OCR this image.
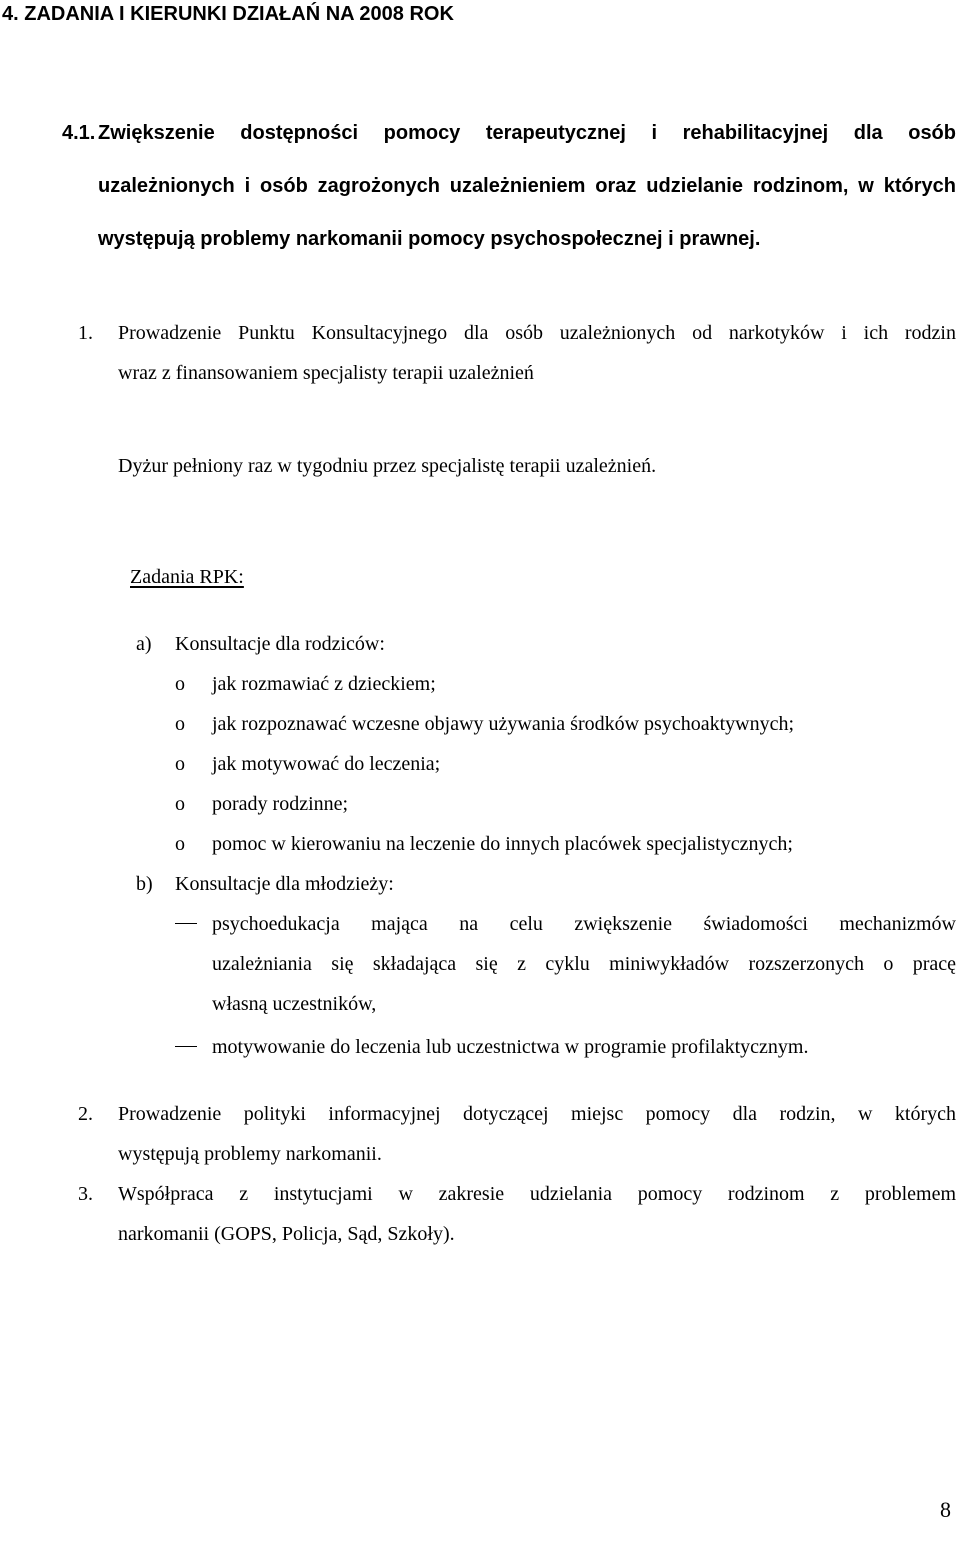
4. ZADANIA I KIERUNKI DZIAŁAŃ NA 2008 ROK
4.1. Zwiększenie dostępności pomocy terapeutycznej i rehabilitacyjnej dla osób
uzależnionych i osób zagrożonych uzależnieniem oraz udzielanie rodzinom, w których
występują problemy narkomanii pomocy psychospołecznej i prawnej.
1. Prowadzenie Punktu Konsultacyjnego dla osób uzależnionych od narkotyków i ich rodzin
wraz z finansowaniem specjalisty terapii uzależnień
Dyżur pełniony raz w tygodniu przez specjalistę terapii uzależnień.
Zadania RPK:
a) Konsultacje dla rodziców:
o jak rozmawiać z dzieckiem;
o jak rozpoznawać wczesne objawy używania środków psychoaktywnych;
o jak motywować do leczenia;
o porady rodzinne;
o pomoc w kierowaniu na leczenie do innych placówek specjalistycznych;
b) Konsultacje dla młodzieży:
psychoedukacja mająca na celu zwiększenie świadomości mechanizmów
uzależniania się składająca się z cyklu miniwykładów rozszerzonych o pracę
własną uczestników,
motywowanie do leczenia lub uczestnictwa w programie profilaktycznym.
2. Prowadzenie polityki informacyjnej dotyczącej miejsc pomocy dla rodzin, w których
występują problemy narkomanii.
3. Współpraca z instytucjami w zakresie udzielania pomocy rodzinom z problemem
narkomanii (GOPS, Policja, Sąd, Szkoły).
8
